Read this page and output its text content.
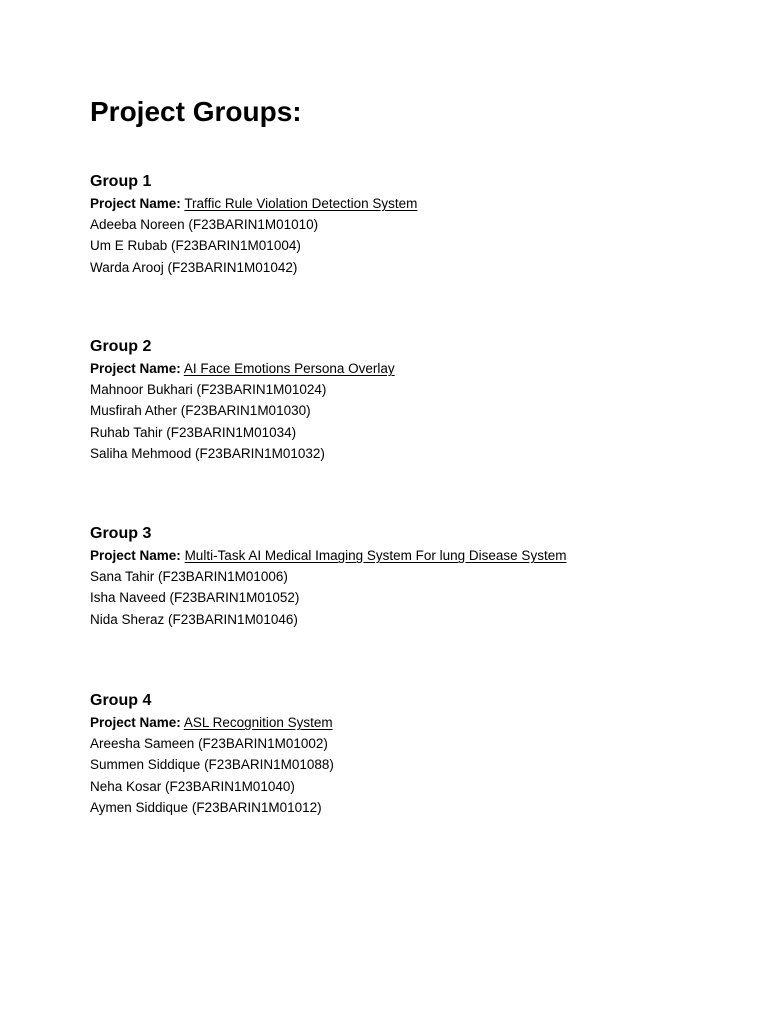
Project Groups:
Group 1
Project Name: Traffic Rule Violation Detection System
Adeeba Noreen (F23BARIN1M01010)
Um E Rubab (F23BARIN1M01004)
Warda Arooj (F23BARIN1M01042)
Group 2
Project Name: AI Face Emotions Persona Overlay
Mahnoor Bukhari (F23BARIN1M01024)
Musfirah Ather (F23BARIN1M01030)
Ruhab Tahir (F23BARIN1M01034)
Saliha Mehmood (F23BARIN1M01032)
Group 3
Project Name: Multi-Task AI Medical Imaging System For lung Disease System
Sana Tahir (F23BARIN1M01006)
Isha Naveed (F23BARIN1M01052)
Nida Sheraz (F23BARIN1M01046)
Group 4
Project Name: ASL Recognition System
Areesha Sameen (F23BARIN1M01002)
Summen Siddique (F23BARIN1M01088)
Neha Kosar (F23BARIN1M01040)
Aymen Siddique (F23BARIN1M01012)
